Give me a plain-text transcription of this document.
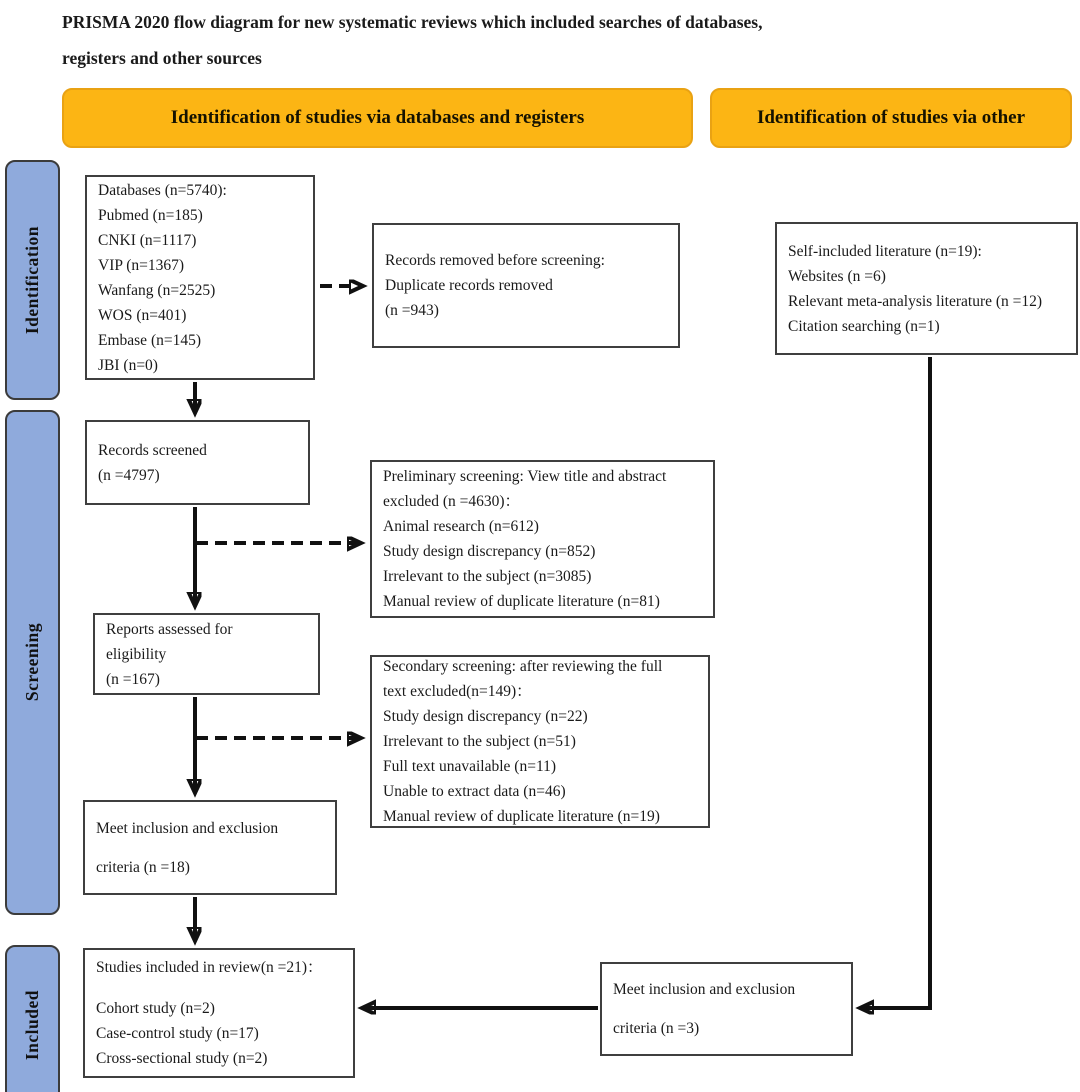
PRISMA 2020 flow diagram for new systematic reviews which included searches of databases,
registers and other sources
Identification of studies via databases and registers	Identification of studies via other
Identification
Screening
Included
Databases (n=5740):
Pubmed (n=185)
CNKI (n=1117)
VIP (n=1367)
Wanfang (n=2525)
WOS (n=401)
Embase (n=145)
JBI (n=0)
Records removed before screening:
Duplicate records removed
(n =943)
Self-included literature (n=19):
Websites (n =6)
Relevant meta-analysis literature (n =12)
Citation searching (n=1)
Records screened
(n =4797)	Preliminary screening: View title and abstract
excluded (n =4630)：
Animal research (n=612)
Study design discrepancy (n=852)
Irrelevant to the subject (n=3085)
Manual review of duplicate literature (n=81)
Reports assessed for
eligibility
(n =167)
Secondary screening: after reviewing the full
text excluded(n=149)：
Study design discrepancy (n=22)
Irrelevant to the subject (n=51)
Full text unavailable (n=11)
Unable to extract data (n=46)
Manual review of duplicate literature (n=19)
Meet inclusion and exclusion
criteria (n =18)
Studies included in review(n =21)：
Cohort study (n=2)
Case-control study (n=17)
Cross-sectional study (n=2)
Meet inclusion and exclusion
criteria (n =3)
